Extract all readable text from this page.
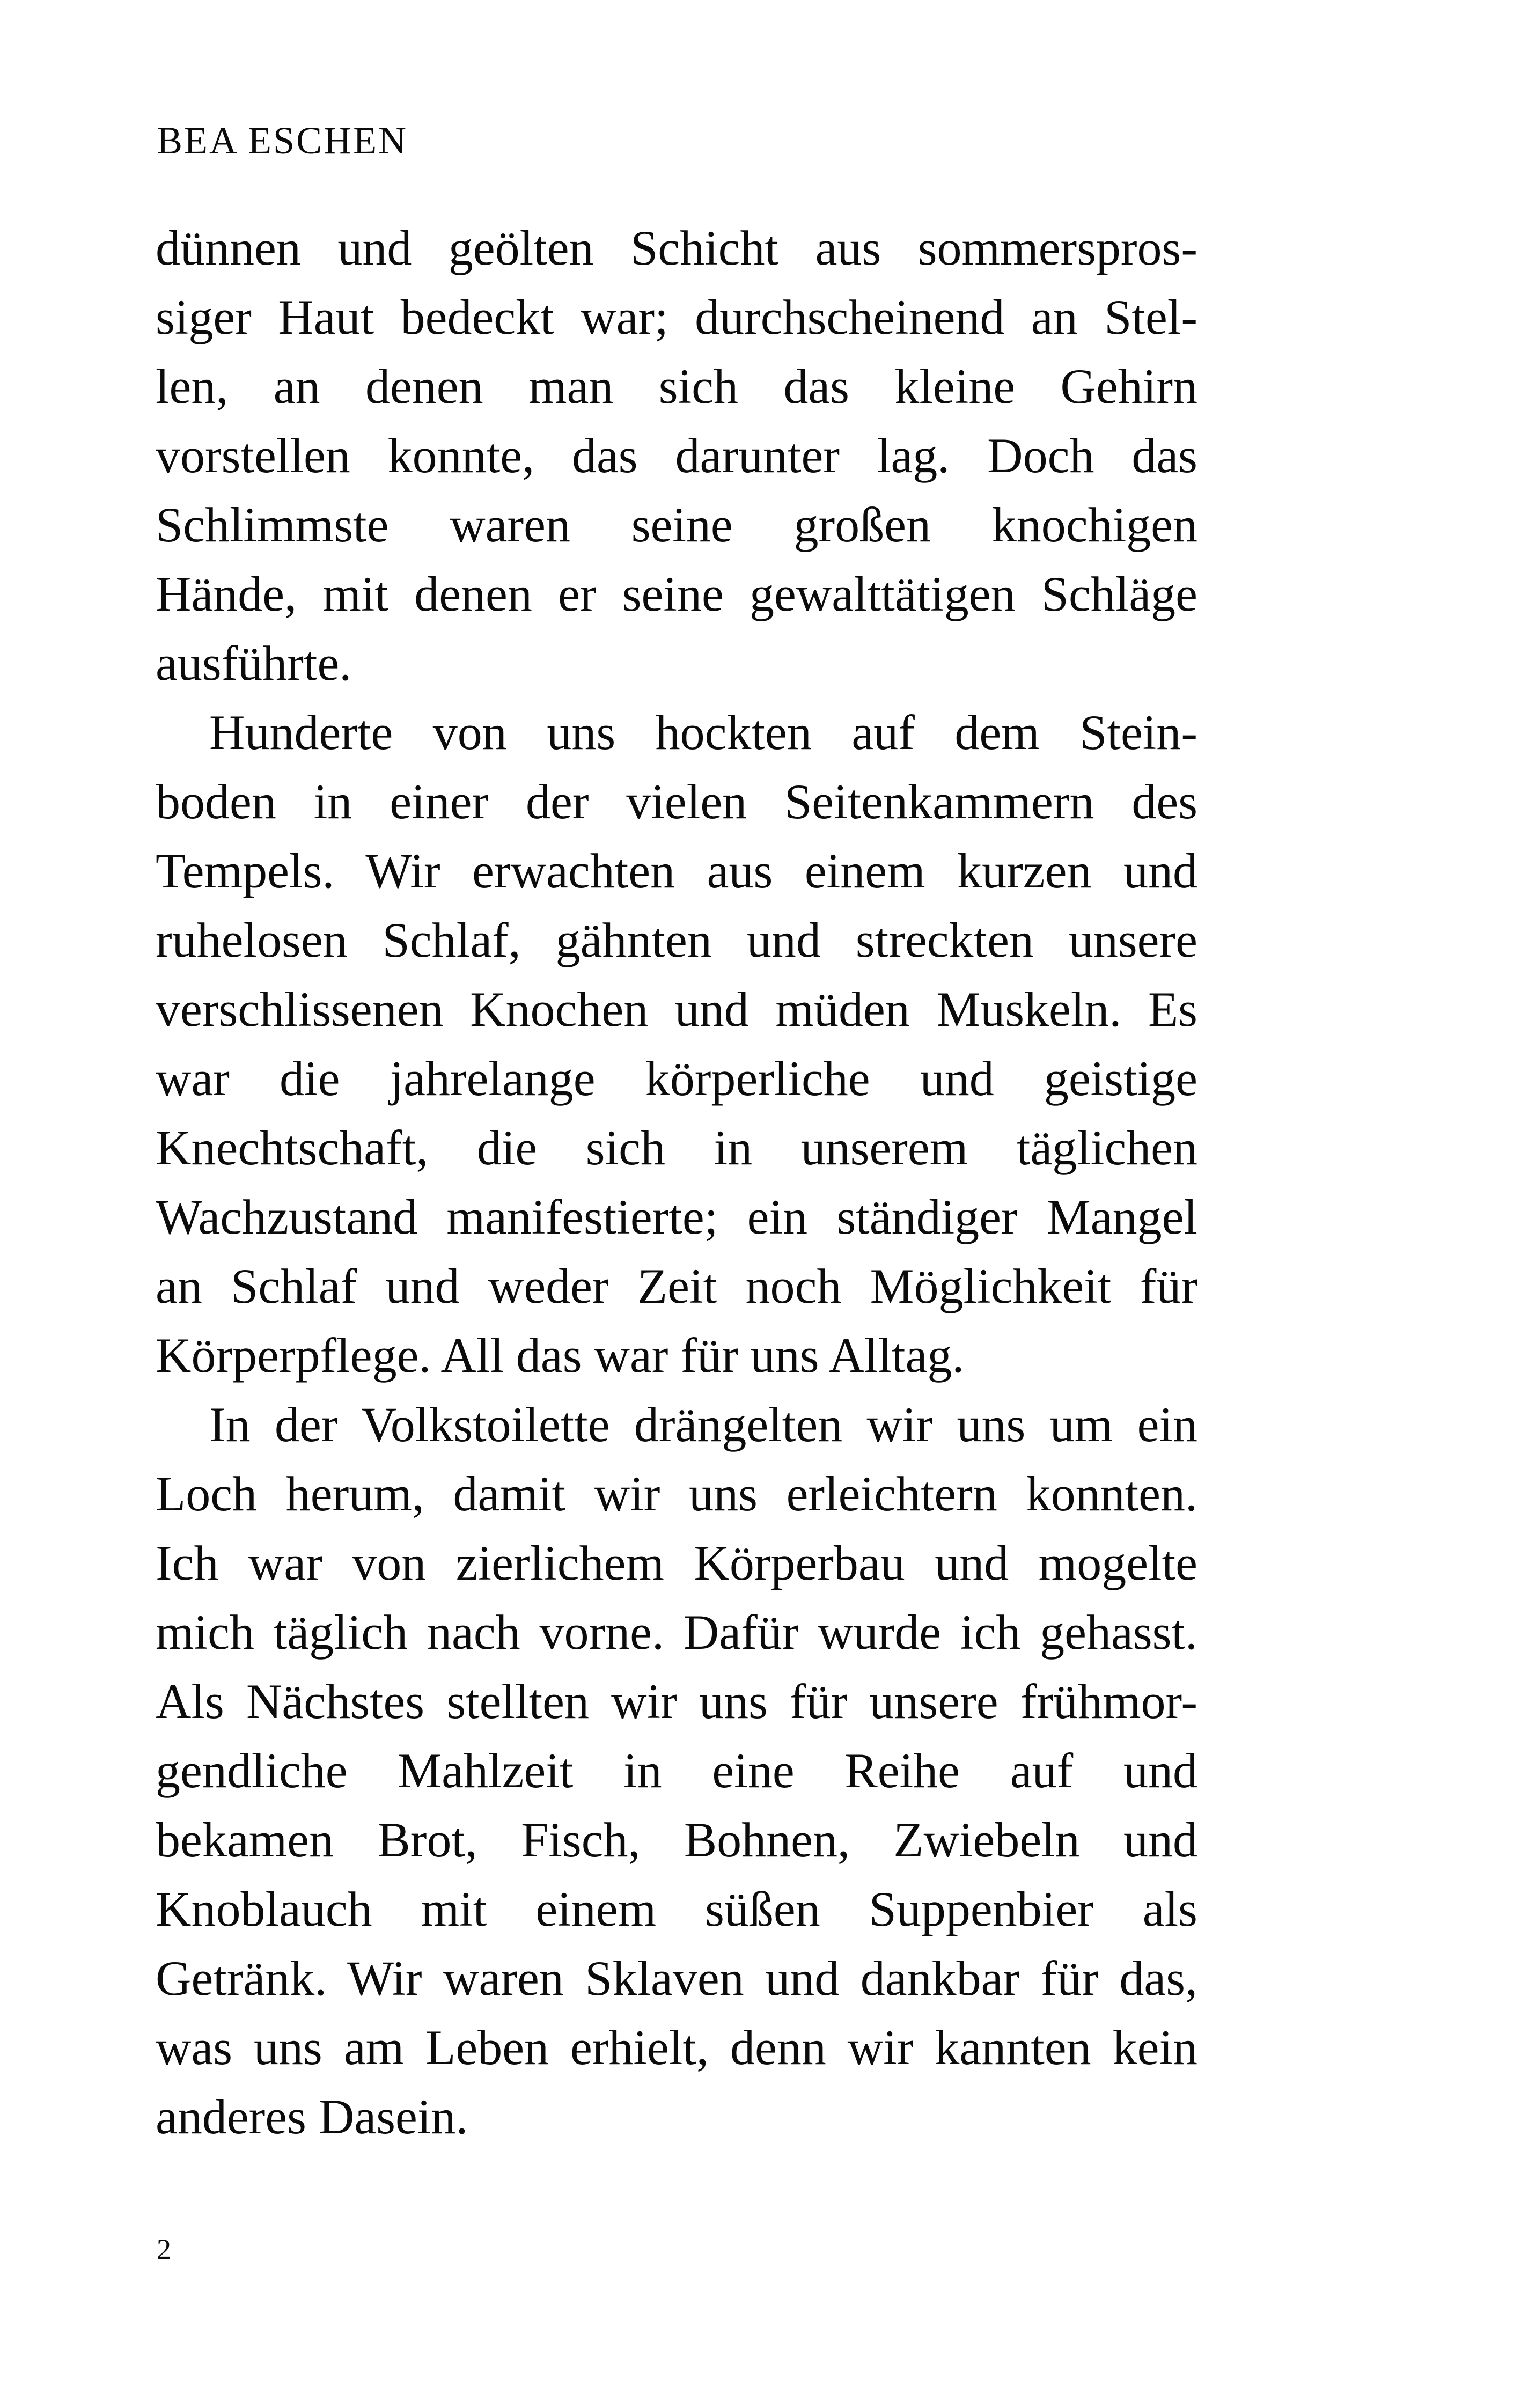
BEA ESCHEN
dünnen und geölten Schicht aus sommerspros-
siger Haut bedeckt war; durchscheinend an Stel-
len, an denen man sich das kleine Gehirn
vorstellen konnte, das darunter lag. Doch das
Schlimmste waren seine großen knochigen
Hände, mit denen er seine gewalttätigen Schläge
ausführte.
Hunderte von uns hockten auf dem Stein-
boden in einer der vielen Seitenkammern des
Tempels. Wir erwachten aus einem kurzen und
ruhelosen Schlaf, gähnten und streckten unsere
verschlissenen Knochen und müden Muskeln. Es
war die jahrelange körperliche und geistige
Knechtschaft, die sich in unserem täglichen
Wachzustand manifestierte; ein ständiger Mangel
an Schlaf und weder Zeit noch Möglichkeit für
Körperpflege. All das war für uns Alltag.
In der Volkstoilette drängelten wir uns um ein
Loch herum, damit wir uns erleichtern konnten.
Ich war von zierlichem Körperbau und mogelte
mich täglich nach vorne. Dafür wurde ich gehasst.
Als Nächstes stellten wir uns für unsere frühmor-
gendliche Mahlzeit in eine Reihe auf und
bekamen Brot, Fisch, Bohnen, Zwiebeln und
Knoblauch mit einem süßen Suppenbier als
Getränk. Wir waren Sklaven und dankbar für das,
was uns am Leben erhielt, denn wir kannten kein
anderes Dasein.
2
